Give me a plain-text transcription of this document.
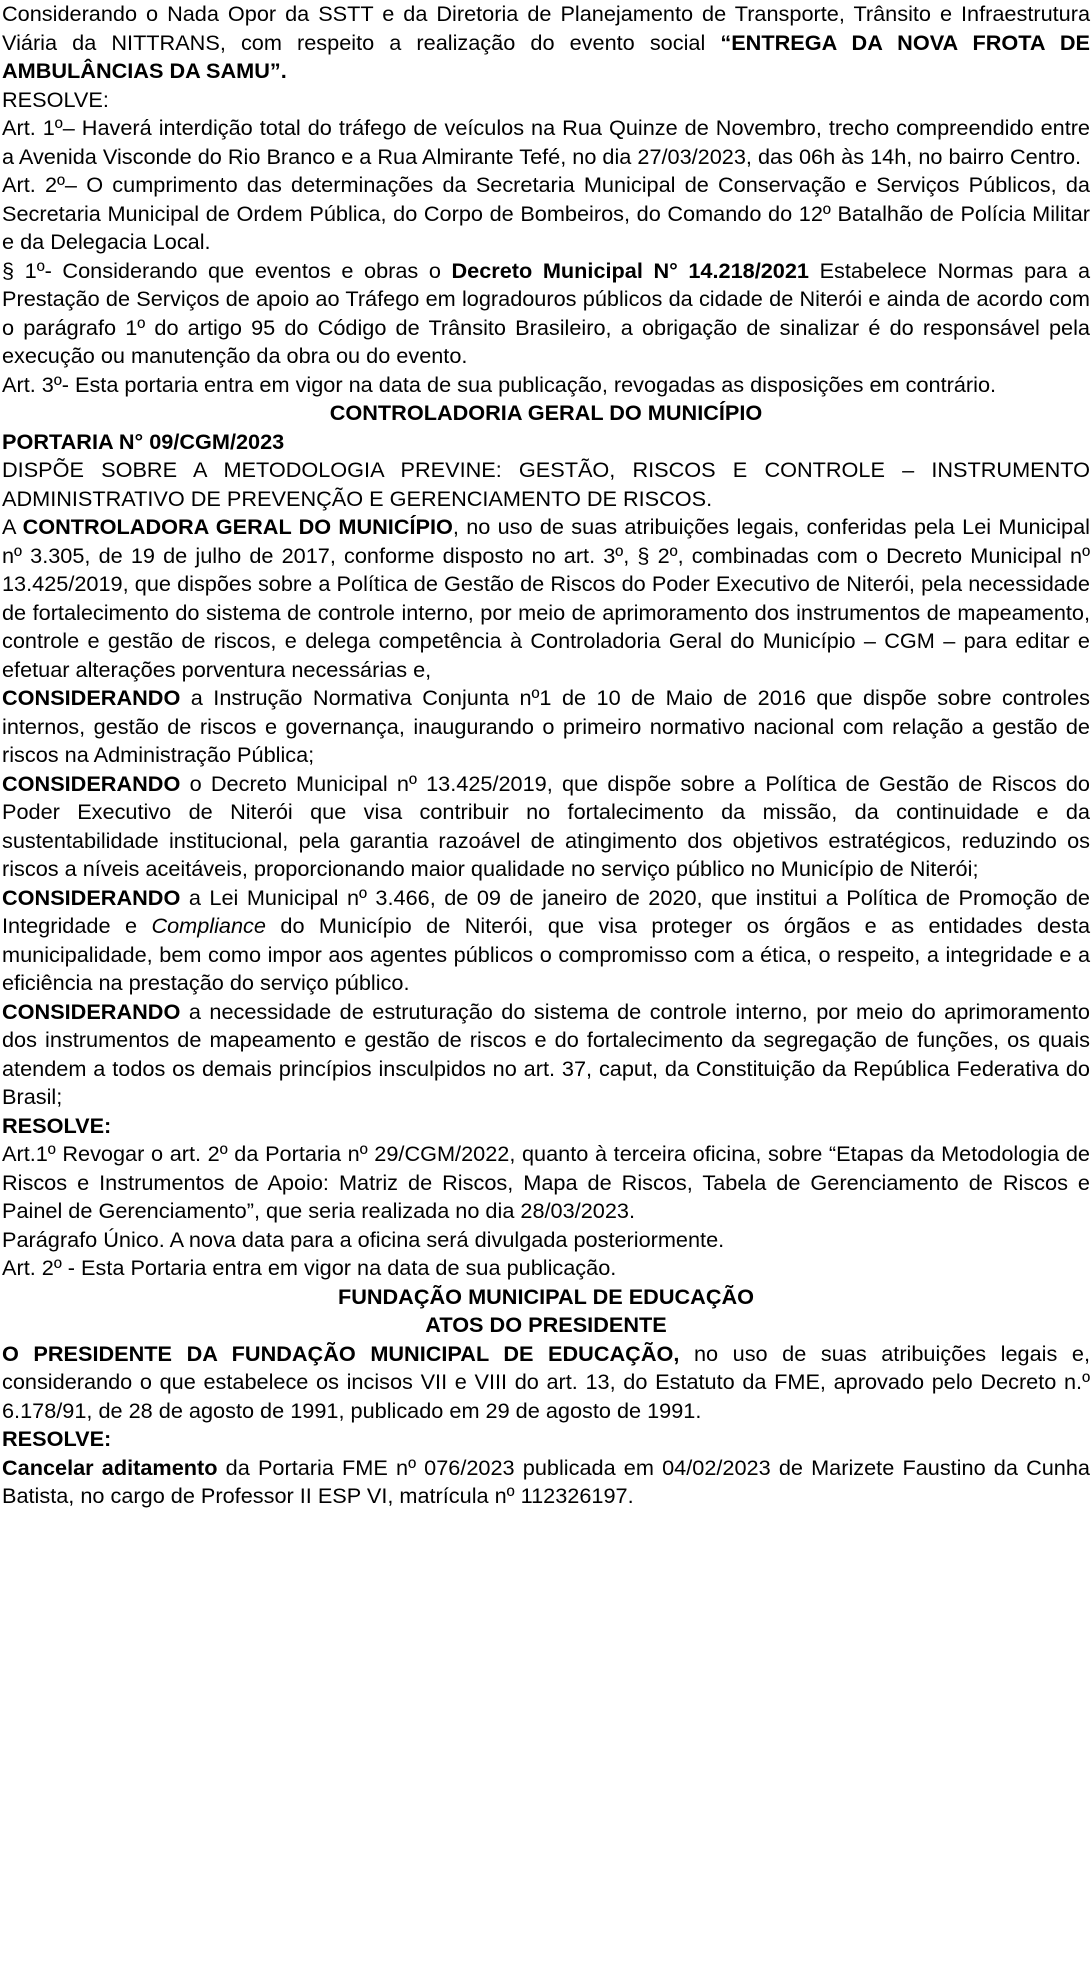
Considerando o Nada Opor da SSTT e da Diretoria de Planejamento de Transporte, Trânsito e Infraestrutura Viária da NITTRANS, com respeito a realização do evento social “ENTREGA DA NOVA FROTA DE AMBULÂNCIAS DA SAMU”.

RESOLVE:

Art. 1º– Haverá interdição total do tráfego de veículos na Rua Quinze de Novembro, trecho compreendido entre a Avenida Visconde do Rio Branco e a Rua Almirante Tefé, no dia 27/03/2023, das 06h às 14h, no bairro Centro.

Art. 2º– O cumprimento das determinações da Secretaria Municipal de Conservação e Serviços Públicos, da Secretaria Municipal de Ordem Pública, do Corpo de Bombeiros, do Comando do 12º Batalhão de Polícia Militar e da Delegacia Local.

§ 1º- Considerando que eventos e obras o Decreto Municipal N° 14.218/2021 Estabelece Normas para a Prestação de Serviços de apoio ao Tráfego em logradouros públicos da cidade de Niterói e ainda de acordo com o parágrafo 1º do artigo 95 do Código de Trânsito Brasileiro, a obrigação de sinalizar é do responsável pela execução ou manutenção da obra ou do evento.

Art. 3º- Esta portaria entra em vigor na data de sua publicação, revogadas as disposições em contrário.

CONTROLADORIA GERAL DO MUNICÍPIO

PORTARIA N° 09/CGM/2023

DISPÕE SOBRE A METODOLOGIA PREVINE: GESTÃO, RISCOS E CONTROLE – INSTRUMENTO ADMINISTRATIVO DE PREVENÇÃO E GERENCIAMENTO DE RISCOS.

A CONTROLADORA GERAL DO MUNICÍPIO, no uso de suas atribuições legais, conferidas pela Lei Municipal nº 3.305, de 19 de julho de 2017, conforme disposto no art. 3º, § 2º, combinadas com o Decreto Municipal nº 13.425/2019, que dispões sobre a Política de Gestão de Riscos do Poder Executivo de Niterói, pela necessidade de fortalecimento do sistema de controle interno, por meio de aprimoramento dos instrumentos de mapeamento, controle e gestão de riscos, e delega competência à Controladoria Geral do Município – CGM – para editar e efetuar alterações porventura necessárias e,

CONSIDERANDO a Instrução Normativa Conjunta nº1 de 10 de Maio de 2016 que dispõe sobre controles internos, gestão de riscos e governança, inaugurando o primeiro normativo nacional com relação a gestão de riscos na Administração Pública;

CONSIDERANDO o Decreto Municipal nº 13.425/2019, que dispõe sobre a Política de Gestão de Riscos do Poder Executivo de Niterói que visa contribuir no fortalecimento da missão, da continuidade e da sustentabilidade institucional, pela garantia razoável de atingimento dos objetivos estratégicos, reduzindo os riscos a níveis aceitáveis, proporcionando maior qualidade no serviço público no Município de Niterói;

CONSIDERANDO a Lei Municipal nº 3.466, de 09 de janeiro de 2020, que institui a Política de Promoção de Integridade e Compliance do Município de Niterói, que visa proteger os órgãos e as entidades desta municipalidade, bem como impor aos agentes públicos o compromisso com a ética, o respeito, a integridade e a eficiência na prestação do serviço público.

CONSIDERANDO a necessidade de estruturação do sistema de controle interno, por meio do aprimoramento dos instrumentos de mapeamento e gestão de riscos e do fortalecimento da segregação de funções, os quais atendem a todos os demais princípios insculpidos no art. 37, caput, da Constituição da República Federativa do Brasil;

RESOLVE:

Art.1º Revogar o art. 2º da Portaria nº 29/CGM/2022, quanto à terceira oficina, sobre “Etapas da Metodologia de Riscos e Instrumentos de Apoio: Matriz de Riscos, Mapa de Riscos, Tabela de Gerenciamento de Riscos e Painel de Gerenciamento”, que seria realizada no dia 28/03/2023.

Parágrafo Único. A nova data para a oficina será divulgada posteriormente.

Art. 2º - Esta Portaria entra em vigor na data de sua publicação.

FUNDAÇÃO MUNICIPAL DE EDUCAÇÃO

ATOS DO PRESIDENTE

O PRESIDENTE DA FUNDAÇÃO MUNICIPAL DE EDUCAÇÃO, no uso de suas atribuições legais e, considerando o que estabelece os incisos VII e VIII do art. 13, do Estatuto da FME, aprovado pelo Decreto n.º 6.178/91, de 28 de agosto de 1991, publicado em 29 de agosto de 1991.

RESOLVE:

Cancelar aditamento da Portaria FME nº 076/2023 publicada em 04/02/2023 de Marizete Faustino da Cunha Batista, no cargo de Professor II ESP VI, matrícula nº 112326197.
